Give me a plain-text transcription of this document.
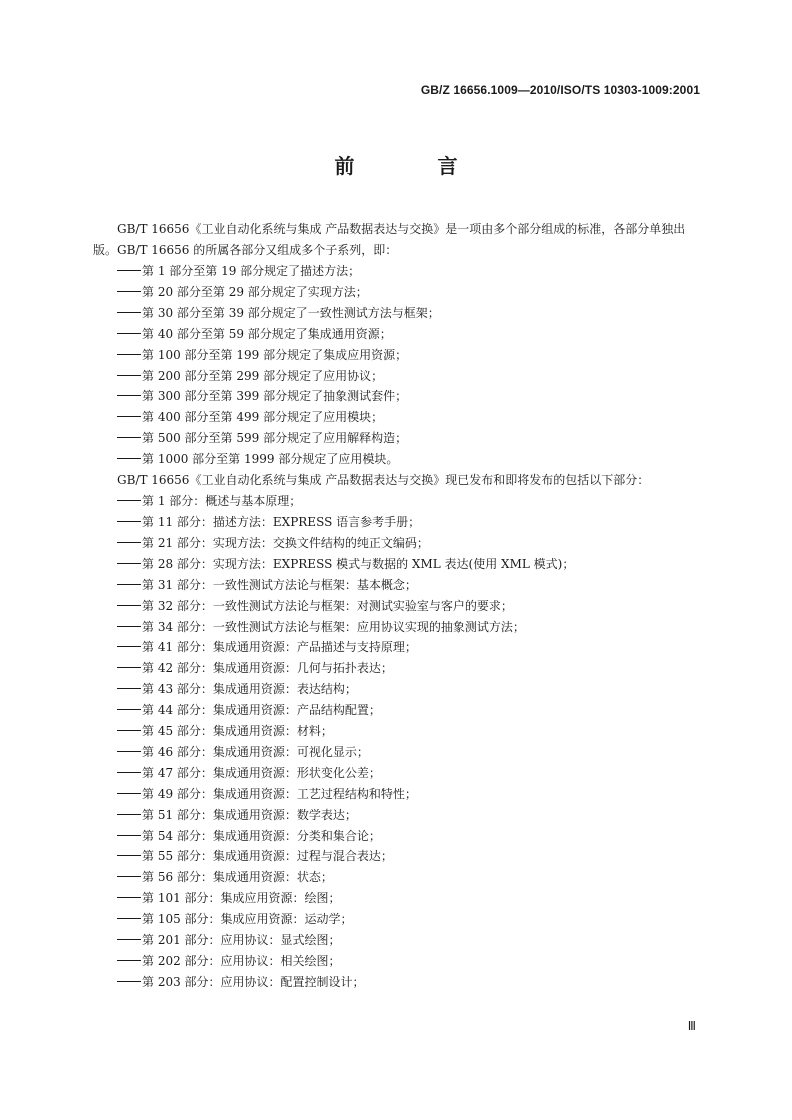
GB/Z 16656.1009—2010/ISO/TS 10303-1009:2001
前 言

GB/T 16656《工业自动化系统与集成 产品数据表达与交换》是一项由多个部分组成的标准，各部分单独出版。GB/T 16656 的所属各部分又组成多个子系列，即：

第 1 部分至第 19 部分规定了描述方法；

第 20 部分至第 29 部分规定了实现方法；

第 30 部分至第 39 部分规定了一致性测试方法与框架；

第 40 部分至第 59 部分规定了集成通用资源；

第 100 部分至第 199 部分规定了集成应用资源；

第 200 部分至第 299 部分规定了应用协议；

第 300 部分至第 399 部分规定了抽象测试套件；

第 400 部分至第 499 部分规定了应用模块；

第 500 部分至第 599 部分规定了应用解释构造；

第 1000 部分至第 1999 部分规定了应用模块。

GB/T 16656《工业自动化系统与集成 产品数据表达与交换》现已发布和即将发布的包括以下部分：

第 1 部分：概述与基本原理；

第 11 部分：描述方法：EXPRESS 语言参考手册；

第 21 部分：实现方法：交换文件结构的纯正文编码；

第 28 部分：实现方法：EXPRESS 模式与数据的 XML 表达(使用 XML 模式)；

第 31 部分：一致性测试方法论与框架：基本概念；

第 32 部分：一致性测试方法论与框架：对测试实验室与客户的要求；

第 34 部分：一致性测试方法论与框架：应用协议实现的抽象测试方法；

第 41 部分：集成通用资源：产品描述与支持原理；

第 42 部分：集成通用资源：几何与拓扑表达；

第 43 部分：集成通用资源：表达结构；

第 44 部分：集成通用资源：产品结构配置；

第 45 部分：集成通用资源：材料；

第 46 部分：集成通用资源：可视化显示；

第 47 部分：集成通用资源：形状变化公差；

第 49 部分：集成通用资源：工艺过程结构和特性；

第 51 部分：集成通用资源：数学表达；

第 54 部分：集成通用资源：分类和集合论；

第 55 部分：集成通用资源：过程与混合表达；

第 56 部分：集成通用资源：状态；

第 101 部分：集成应用资源：绘图；

第 105 部分：集成应用资源：运动学；

第 201 部分：应用协议：显式绘图；

第 202 部分：应用协议：相关绘图；

第 203 部分：应用协议：配置控制设计；

Ⅲ
